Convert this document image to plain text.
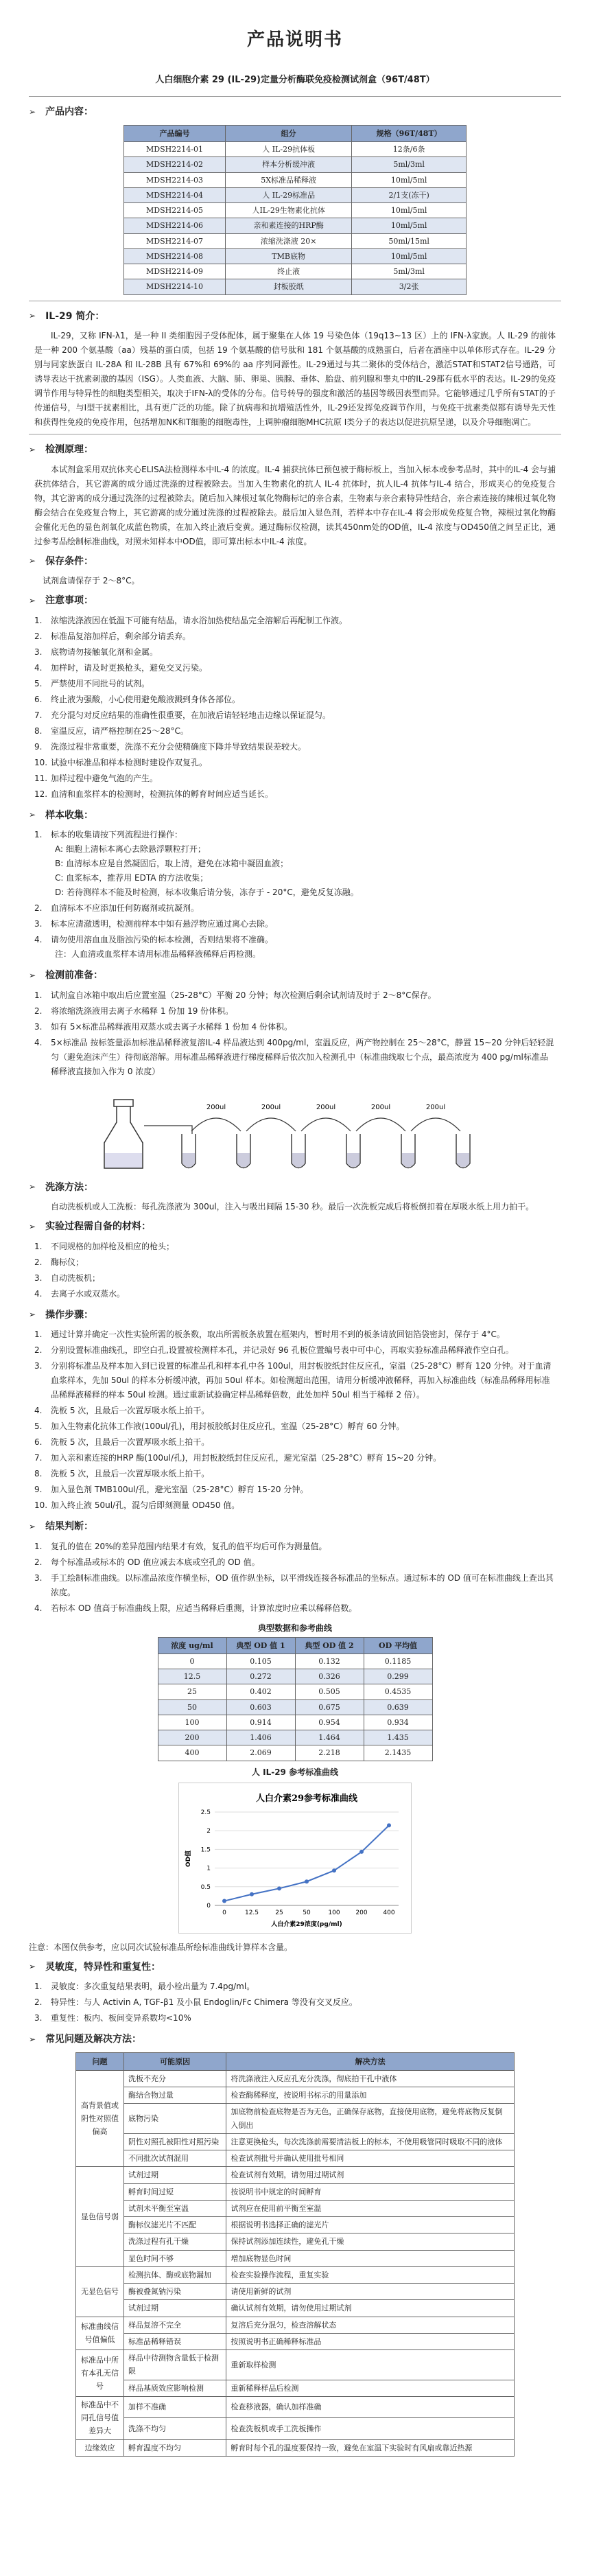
产品说明书
人白细胞介素 29 (IL-29)定量分析酶联免疫检测试剂盒（96T/48T）
➢ 产品内容：
产品编号	组分	规格（96T/48T）
MDSH2214-01	人 IL-29抗体板	12条/6条
MDSH2214-02	样本分析缓冲液	5ml/3ml
MDSH2214-03	5X标准品稀释液	10ml/5ml
MDSH2214-04	人 IL-29标准品	2/1支(冻干)
MDSH2214-05	人IL-29生物素化抗体	10ml/5ml
MDSH2214-06	亲和素连接的HRP酶	10ml/5ml
MDSH2214-07	浓缩洗涤液 20×	50ml/15ml
MDSH2214-08	TMB底物	10ml/5ml
MDSH2214-09	终止液	5ml/3ml
MDSH2214-10	封板胶纸	3/2张
➢ IL-29 简介：

IL-29，又称 IFN-λ1，是一种 II 类细胞因子受体配体，属于聚集在人体 19 号染色体（19q13~13 区）上的 IFN-λ家族。人 IL-29 的前体是一种 200 个氨基酸（aa）残基的蛋白质，包括 19 个氨基酸的信号肽和 181 个氨基酸的成熟蛋白，后者在酒座中以单体形式存在。IL-29 分别与同家族蛋白 IL-28A 和 IL-28B 具有 67%和 69%的 aa 序列同源性。IL-29通过与其二聚体的受体结合，激活STAT和STAT2信号通路，可诱导表达干扰素刺激的基因（ISG）。人类血液、大脑、肺、卵巢、胰腺、垂体、胎盘、前列腺和睾丸中的IL-29都有低水平的表达。IL-29的免疫调节作用与特异性的细胞类型相关，取决于IFN-λ的受体的分布。信号转导的强度和激活的基因等级因表型而异。它能够通过几乎所有STAT的子传递信号，与I型干扰素相比，具有更广泛的功能。除了抗病毒和抗增殖活性外，IL-29还发挥免疫调节作用，与免疫干扰素类似都有诱导先天性和获得性免疫的免疫作用，包括增加NK和T细胞的细胞毒性，上调肿瘤细胞MHC抗原 I类分子的表达以促进抗原呈递，以及介导细胞凋亡。

➢ 检测原理：

本试剂盒采用双抗体夹心ELISA法检测样本中IL-4 的浓度。IL-4 捕获抗体已预包被于酶标板上，当加入标本或参考品时，其中的IL-4 会与捕获抗体结合，其它游离的成分通过洗涤的过程被除去。当加入生物素化的抗人 IL-4 抗体时，抗人IL-4 抗体与IL-4 结合，形成夹心的免疫复合物，其它游离的成分通过洗涤的过程被除去。随后加入辣根过氧化物酶标记的亲合素，生物素与亲合素特异性结合，亲合素连接的辣根过氧化物酶会结合在免疫复合物上，其它游离的成分通过洗涤的过程被除去。最后加入显色剂，若样本中存在IL-4 将会形成免疫复合物，辣根过氧化物酶会催化无色的显色剂氧化成蓝色物质，在加入终止液后变黄。通过酶标仪检测，读其450nm处的OD值，IL-4 浓度与OD450值之间呈正比，通过参考品绘制标准曲线，对照未知样本中OD值，即可算出标本中IL-4 浓度。

➢ 保存条件：

试剂盒请保存于 2～8°C。

➢ 注意事项：
1.	浓缩洗涤液因在低温下可能有结晶，请水浴加热使结晶完全溶解后再配制工作液。
2.	标准品复溶加样后，剩余部分请丢弃。
3.	底物请勿接触氧化剂和金属。
4.	加样时，请及时更换枪头，避免交叉污染。
5.	严禁使用不同批号的试剂。
6.	终止液为强酸，小心使用避免酸液溅到身体各部位。
7.	充分混匀对反应结果的准确性很重要，在加液后请轻轻地击边缘以保证混匀。
8.	室温反应，请严格控制在25～28°C。
9.	洗涤过程非常重要，洗涤不充分会使精确度下降并导致结果误差较大。
10. 试验中标准品和样本检测时建设作双复孔。
11. 加样过程中避免气泡的产生。
12. 血清和血浆样本的检测时，检测抗体的孵育时间应适当延长。
➢ 样本收集：
1.	标本的收集请按下列流程进行操作：
A: 细胞上清标本离心去除悬浮颗粒打开；
B: 血清标本应是自然凝固后，取上清，避免在冰箱中凝固血液；
C: 血浆标本，推荐用 EDTA 的方法收集；
D: 若待测样本不能及时检测，标本收集后请分装，冻存于 - 20°C，避免反复冻融。
2.	血清标本不应添加任何防腐剂或抗凝剂。
3.	标本应清澈透明，检测前样本中如有悬浮物应通过离心去除。
4.	请勿使用溶血血及脂浊污染的标本检测，否则结果将不准确。
注：人血清或血浆样本请用标准品稀释液稀释后再检测。
➢ 检测前准备：
1.	试剂盒自冰箱中取出后应置室温（25-28°C）平衡 20 分钟；每次检测后剩余试剂请及时于 2～8°C保存。
2.	将浓缩洗涤液用去离子水稀释 1 份加 19 份体积。
3.	如有 5×标准品稀释液用双蒸水或去离子水稀释 1 份加 4 份体积。
4.	5×标准品 按标签量添加标准品稀释液复溶IL-4 样品液达到 400pg/ml，室温反应，两产物控制在 25～28°C，静置 15~20 分钟后轻轻混匀（避免泡沫产生）待彻底溶解。用标准品稀释液进行梯度稀释后依次加入检测孔中（标准曲线取七个点，最高浓度为 400 pg/ml标准品稀释液直接加入作为 0 浓度）
200ul	200ul	200ul	200ul	200ul
➢ 洗涤方法：

自动洗板机或人工洗板：每孔洗涤液为 300ul，注入与吸出间隔 15-30 秒。最后一次洗板完成后将板倒扣着在厚吸水纸上用力拍干。

➢ 实验过程需自备的材料：
1.	不同规格的加样枪及相应的枪头；
2.	酶标仪；
3.	自动洗板机；
4.	去离子水或双蒸水。
➢ 操作步骤：
1.	通过计算并确定一次性实验所需的板条数，取出所需板条放置在框架内，暂时用不到的板条请放回铝箔袋密封，保存于 4°C。
2.	分别设置标准曲线孔，即空白孔,设置被检测样本孔，并记录好 96 孔板位置编号表中可中心，再取实验标准品稀释液作空白孔。
3.	分别将标准品及样本加入到已设置的标准品孔和样本孔中各 100ul，用封板胶纸封住反应孔，室温（25-28°C）孵育 120 分钟。对于血清血浆样本，先加 50ul 的样本分析缓冲液，再加 50ul 样本。如检测超出范围，请用分析缓冲液稀释，再加入标准曲线（标准品稀释用标准品稀释液稀释的样本 50ul 检测。通过重新试验确定样品稀释倍数，此处加样 50ul 相当于稀释 2 倍）。
4.	洗板 5 次，且最后一次置厚吸水纸上拍干。
5.	加入生物素化抗体工作液(100ul/孔)，用封板胶纸封住反应孔，室温（25-28°C）孵育 60 分钟。
6.	洗板 5 次，且最后一次置厚吸水纸上拍干。
7.	加入亲和素连接的HRP 酶(100ul/孔)，用封板胶纸封住反应孔，避光室温（25-28°C）孵育 15~20 分钟。
8.	洗板 5 次，且最后一次置厚吸水纸上拍干。
9.	加入显色剂 TMB100ul/孔，避光室温（25-28°C）孵育 15-20 分钟。
10. 加入终止液 50ul/孔，混匀后即刻测量 OD450 值。
➢ 结果判断：
1.	复孔的值在 20%的差异范围内结果才有效，复孔的值平均后可作为测量值。
2.	每个标准品或标本的 OD 值应减去本底或空孔的 OD 值。
3.	手工绘制标准曲线。以标准品浓度作横坐标，OD 值作纵坐标，以平滑线连接各标准品的坐标点。通过标本的 OD 值可在标准曲线上查出其浓度。
4.	若标本 OD 值高于标准曲线上限，应适当稀释后重测，计算浓度时应乘以稀释倍数。
典型数据和参考曲线
浓度 ug/ml	典型 OD 值 1	典型 OD 值 2	OD 平均值
0	0.105	0.132	0.1185
12.5	0.272	0.326	0.299
25	0.402	0.505	0.4535
50	0.603	0.675	0.639
100	0.914	0.954	0.934
200	1.406	1.464	1.435
400	2.069	2.218	2.1435
人 IL-29 参考标准曲线
人白介素29参考标准曲线
0
0.5
1
1.5
2
2.5
0	12.5	25	50	100	200	400
人白介素29浓度(pg/ml)
OD值

注意：本图仅供参考，应以同次试验标准品所绘标准曲线计算样本含量。

➢ 灵敏度，特异性和重复性：
1.	灵敏度：多次重复结果表明，最小检出量为 7.4pg/ml。
2.	特异性：与人 Activin A, TGF-β1 及小鼠 Endoglin/Fc Chimera 等没有交叉反应。
3.	重复性：板内、板间变异系数均<10%
➢ 常见问题及解决方法：
问题	可能原因	解决方法
高背景值或阴性对照值偏高	洗板不充分	将洗涤液注入反应孔充分洗涤，彻底拍干孔中液体
	酶结合物过量	检查酶稀释度，按说明书标示的用量添加
	底物污染	加底物前检查底物是否为无色，正确保存底物，直接使用底物，避免将底物反复倒入倒出
	阴性对照孔被阳性对照污染	注意更换枪头，每次洗涤前需要清洁板上的标本，不使用吸管同时吸取不同的液体
	不同批次试剂混用	检查试剂批号并确认使用批号相同
显色信号弱	试剂过期	检查试剂有效期，请勿用过期试剂
	孵育时间过短	按说明书中规定的时间孵育
	试剂未平衡至室温	试剂应在使用前平衡至室温
	酶标仪滤光片不匹配	根据说明书选择正确的滤光片
	洗涤过程有孔干燥	保持试剂添加连续性，避免孔干燥
	显色时间不够	增加底物显色时间
无显色信号	检测抗体、酶或底物漏加	检查实验操作流程，重复实验
	酶被叠氮钠污染	请使用新鲜的试剂
	试剂过期	确认试剂有效期，请勿使用过期试剂
标准曲线信号值偏低	样品复溶不完全	复溶后充分混匀，检查溶解状态
	标准品稀释错误	按照说明书正确稀释标准品
标准品中所有本孔无信号	样品中待测物含量低于检测限	重新取样检测
	样品基质效应影响检测	重新稀释样品后检测
标准品中不同孔信号值差异大	加样不准确	检查移液器，确认加样准确
	洗涤不均匀	检查洗板机或手工洗板操作
边缘效应	孵育温度不均匀	孵育时每个孔的温度要保持一致，避免在室温下实验时有风扇或靠近热源
